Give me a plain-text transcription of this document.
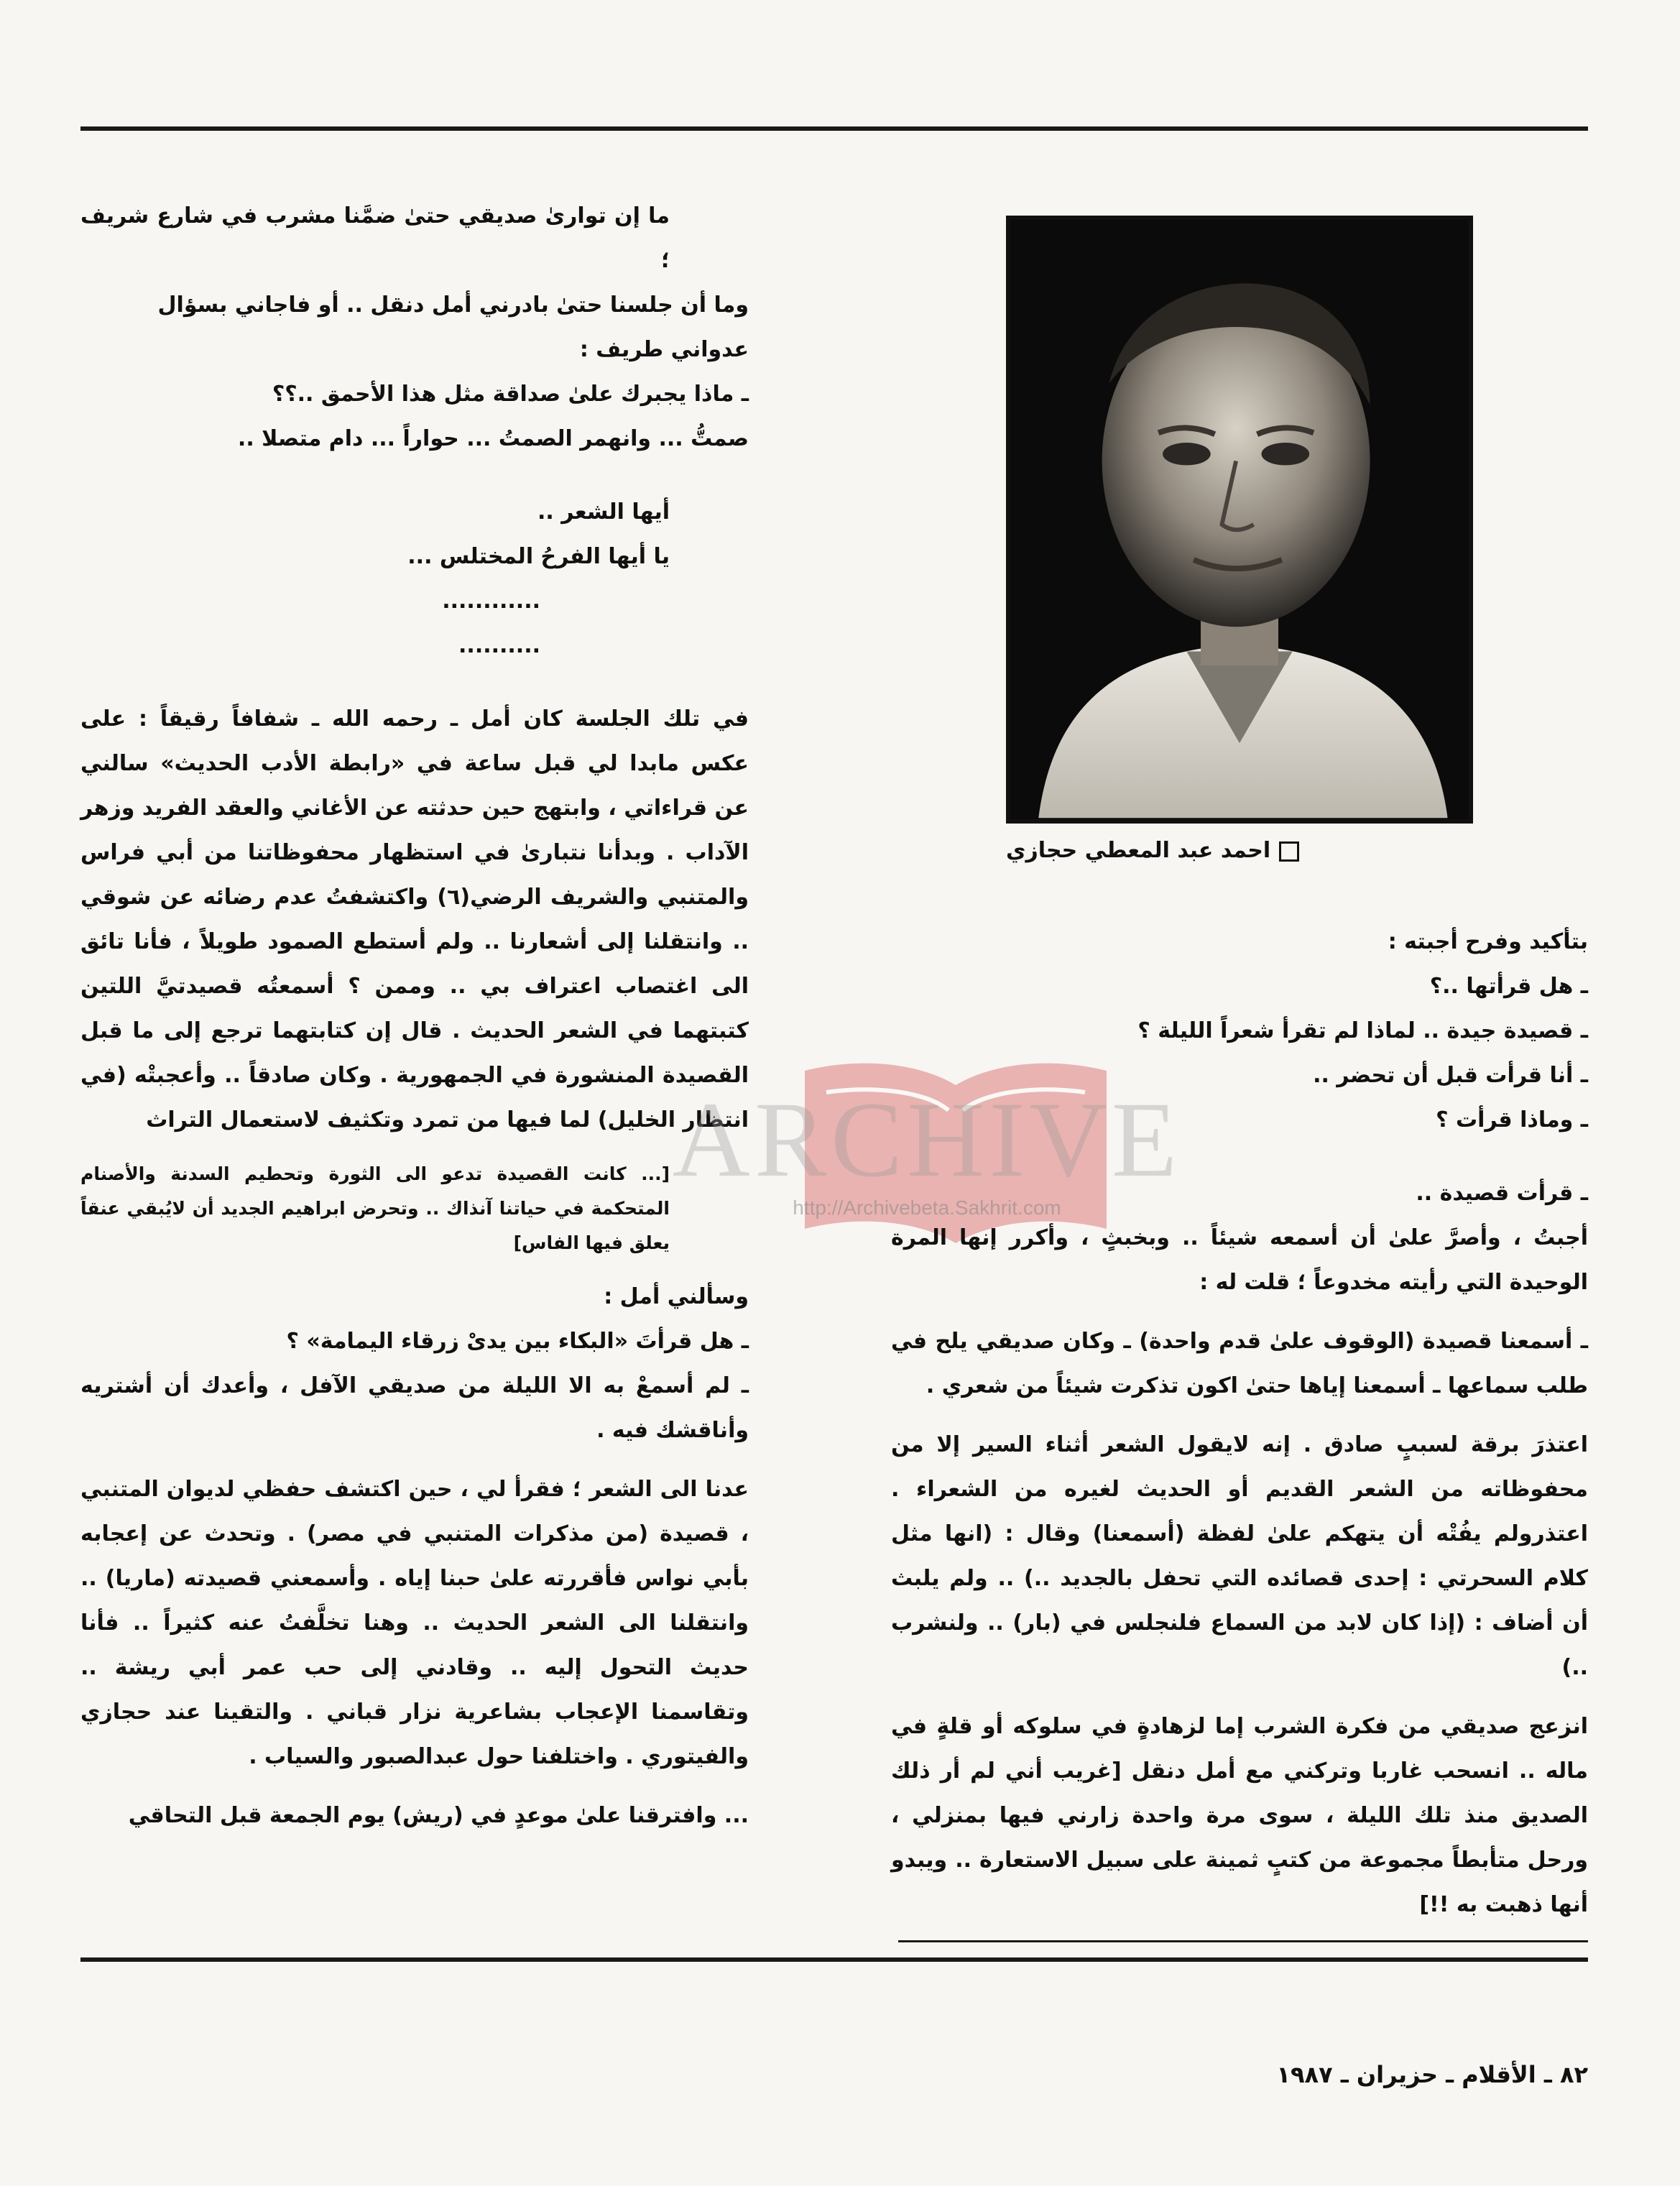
ما إن توارىٰ صديقي حتىٰ ضمَّنا مشرب في شارع شريف ؛

وما أن جلسنا حتىٰ بادرني أمل دنقل .. أو فاجاني بسؤال

عدواني طريف :

ـ ماذا يجبرك علىٰ صداقة مثل هذا الأحمق ..؟؟

صمتُّ ... وانهمر الصمتُ ... حواراً ... دام متصلا ..

أيها الشعر ..

يا أيها الفرحُ المختلس ...

............

..........

في تلك الجلسة كان أمل ـ رحمه الله ـ شفافاً رقيقاً : على عكس مابدا لي قبل ساعة في «رابطة الأدب الحديث» سالني عن قراءاتي ، وابتهج حين حدثته عن الأغاني والعقد الفريد وزهر الآداب . وبدأنا نتبارىٰ في استظهار محفوظاتنا من أبي فراس والمتنبي والشريف الرضي(٦) واكتشفتُ عدم رضائه عن شوقي .. وانتقلنا إلى أشعارنا .. ولم أستطع الصمود طويلاً ، فأنا تائق الى اغتصاب اعتراف بي .. وممن ؟ أسمعتُه قصيدتيَّ اللتين كتبتهما في الشعر الحديث . قال إن كتابتهما ترجع إلى ما قبل القصيدة المنشورة في الجمهورية . وكان صادقاً .. وأعجبتْه (في انتظار الخليل) لما فيها من تمرد وتكثيف لاستعمال التراث

[... كانت القصيدة تدعو الى الثورة وتحطيم السدنة والأصنام المتحكمة في حياتنا آنذاك .. وتحرض ابراهيم الجديد أن لايُبقي عنقاً يعلق فيها الفاس]

وسألني أمل :

ـ هل قرأتَ «البكاء بين يدىْ زرقاء اليمامة» ؟

ـ لم أسمعْ به الا الليلة من صديقي الآفل ، وأعدك أن أشتريه وأناقشك فيه .

عدنا الى الشعر ؛ فقرأ لي ، حين اكتشف حفظي لديوان المتنبي ، قصيدة (من مذكرات المتنبي في مصر) . وتحدث عن إعجابه بأبي نواس فأقررته علىٰ حبنا إياه . وأسمعني قصيدته (ماريا) .. وانتقلنا الى الشعر الحديث .. وهنا تخلَّفتُ عنه كثيراً .. فأنا حديث التحول إليه .. وقادني إلى حب عمر أبي ريشة .. وتقاسمنا الإعجاب بشاعرية نزار قباني . والتقينا عند حجازي والفيتوري . واختلفنا حول عبدالصبور والسياب .

... وافترقنا علىٰ موعدٍ في (ريش) يوم الجمعة قبل التحاقي

احمد عبد المعطي حجازي
ARCHIVE
http://Archivebeta.Sakhrit.com

بتأكيد وفرح أجبته :

ـ هل قرأتها ..؟

ـ قصيدة جيدة .. لماذا لم تقرأ شعراً الليلة ؟

ـ أنا قرأت قبل أن تحضر ..

ـ وماذا قرأت ؟

ـ قرأت قصيدة ..

أجبتُ ، وأصرَّ علىٰ أن أسمعه شيئاً .. وبخبثٍ ، وأكرر إنها المرة الوحيدة التي رأيته مخدوعاً ؛ قلت له :

ـ أسمعنا قصيدة (الوقوف علىٰ قدم واحدة) ـ وكان صديقي يلح في طلب سماعها ـ أسمعنا إياها حتىٰ اكون تذكرت شيئاً من شعري .

اعتذرَ برقة لسببٍ صادق . إنه لايقول الشعر أثناء السير إلا من محفوظاته من الشعر القديم أو الحديث لغيره من الشعراء . اعتذرولم يفُتْه أن يتهكم علىٰ لفظة (أسمعنا) وقال : (انها مثل كلام السحرتي : إحدى قصائده التي تحفل بالجديد ..) .. ولم يلبث أن أضاف : (إذا كان لابد من السماع فلنجلس في (بار) .. ولنشرب ..)

انزعج صديقي من فكرة الشرب إما لزهادةٍ في سلوكه أو قلةٍ في ماله .. انسحب غاربا وتركني مع أمل دنقل [غريب أني لم أر ذلك الصديق منذ تلك الليلة ، سوى مرة واحدة زارني فيها بمنزلي ، ورحل متأبطاً مجموعة من كتبٍ ثمينة على سبيل الاستعارة .. ويبدو أنها ذهبت به !!]

٨٢ ـ الأقلام ـ حزيران ـ ١٩٨٧
